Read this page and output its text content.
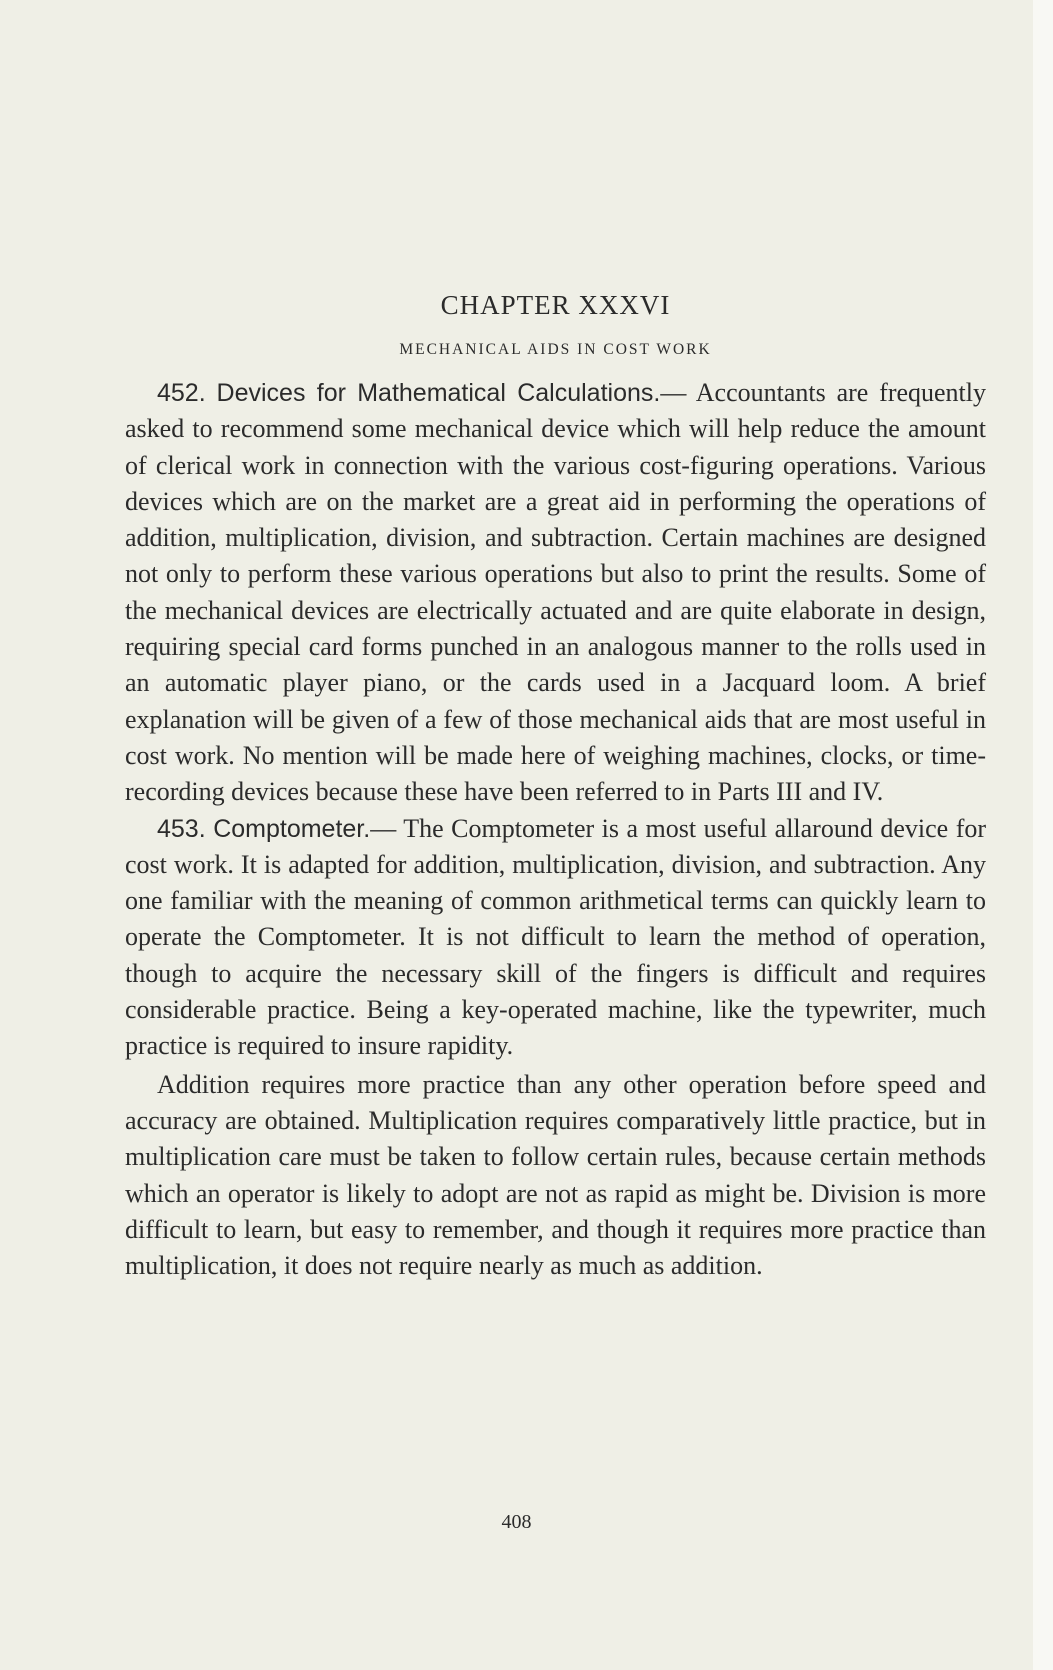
CHAPTER XXXVI
MECHANICAL AIDS IN COST WORK

452. Devices for Mathematical Calculations.— Accountants are frequently asked to recommend some mechanical device which will help reduce the amount of clerical work in connection with the various cost-figuring operations. Various devices which are on the market are a great aid in performing the operations of addition, multiplication, division, and subtraction. Certain machines are designed not only to perform these various operations but also to print the results. Some of the mechanical devices are electrically actuated and are quite elaborate in design, requiring special card forms punched in an analogous manner to the rolls used in an automatic player piano, or the cards used in a Jacquard loom. A brief explanation will be given of a few of those mechanical aids that are most useful in cost work. No mention will be made here of weighing machines, clocks, or time-recording devices because these have been referred to in Parts III and IV.

453. Comptometer.— The Comptometer is a most useful allaround device for cost work. It is adapted for addition, multiplication, division, and subtraction. Any one familiar with the meaning of common arithmetical terms can quickly learn to operate the Comptometer. It is not difficult to learn the method of operation, though to acquire the necessary skill of the fingers is difficult and requires considerable practice. Being a key-operated machine, like the typewriter, much practice is required to insure rapidity.

Addition requires more practice than any other operation before speed and accuracy are obtained. Multiplication requires comparatively little practice, but in multiplication care must be taken to follow certain rules, because certain methods which an operator is likely to adopt are not as rapid as might be. Division is more difficult to learn, but easy to remember, and though it requires more practice than multiplication, it does not require nearly as much as addition.

408
